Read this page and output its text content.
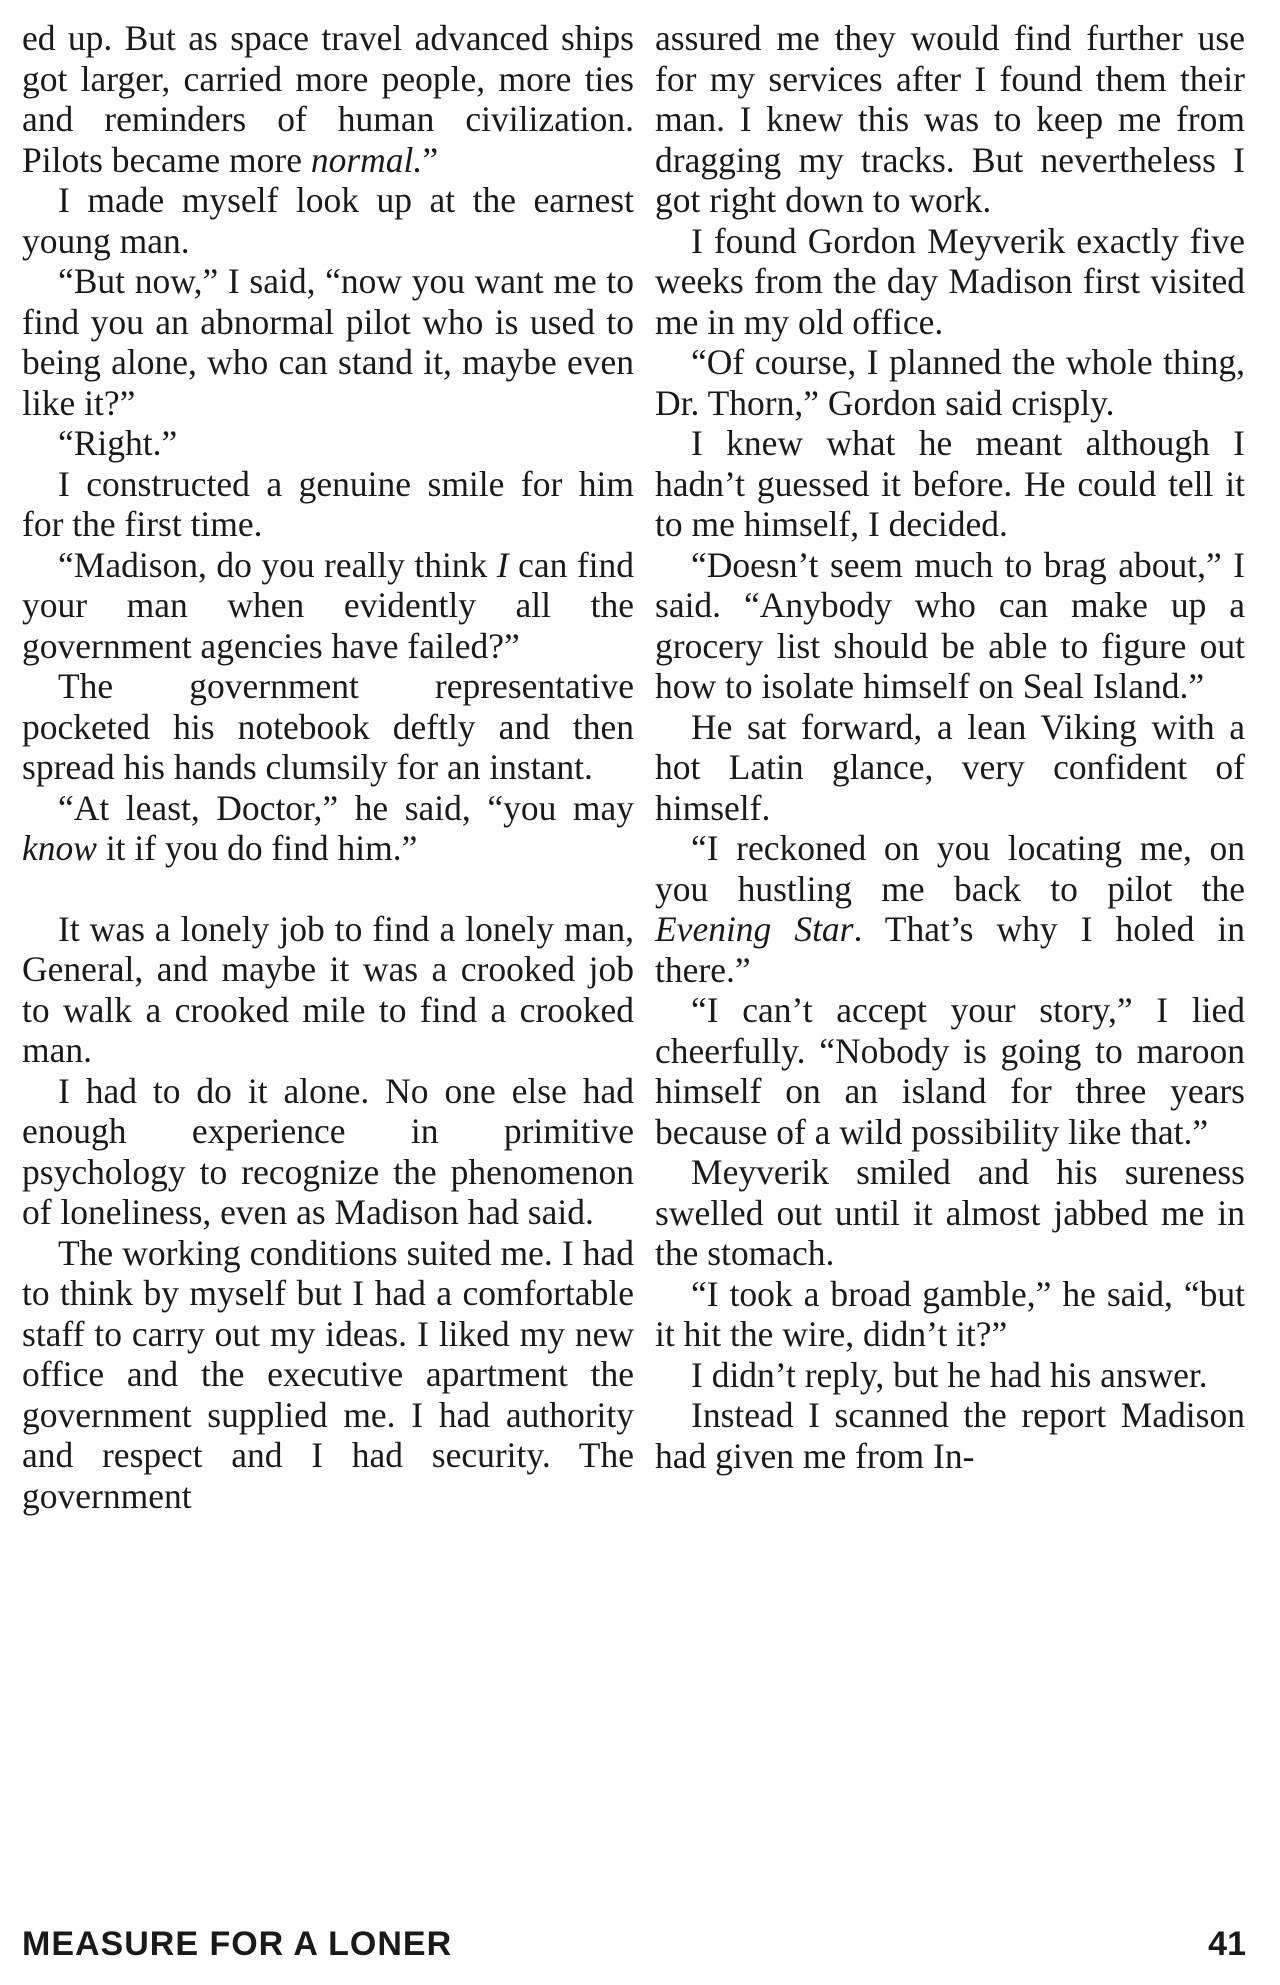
ed up. But as space travel advanced ships got larger, carried more people, more ties and reminders of human civilization. Pilots became more normal.”

I made myself look up at the earnest young man.

“But now,” I said, “now you want me to find you an abnormal pilot who is used to being alone, who can stand it, maybe even like it?”

“Right.”

I constructed a genuine smile for him for the first time.

“Madison, do you really think I can find your man when evidently all the government agencies have failed?”

The government representative pocketed his notebook deftly and then spread his hands clumsily for an instant.

“At least, Doctor,” he said, “you may know it if you do find him.”

It was a lonely job to find a lonely man, General, and maybe it was a crooked job to walk a crooked mile to find a crooked man.

I had to do it alone. No one else had enough experience in primitive psychology to recognize the phenomenon of loneliness, even as Madison had said.

The working conditions suited me. I had to think by myself but I had a comfortable staff to carry out my ideas. I liked my new office and the executive apartment the government supplied me. I had authority and respect and I had security. The government

assured me they would find further use for my services after I found them their man. I knew this was to keep me from dragging my tracks. But nevertheless I got right down to work.

I found Gordon Meyverik exactly five weeks from the day Madison first visited me in my old office.

“Of course, I planned the whole thing, Dr. Thorn,” Gordon said crisply.

I knew what he meant although I hadn’t guessed it before. He could tell it to me himself, I decided.

“Doesn’t seem much to brag about,” I said. “Anybody who can make up a grocery list should be able to figure out how to isolate himself on Seal Island.”

He sat forward, a lean Viking with a hot Latin glance, very confident of himself.

“I reckoned on you locating me, on you hustling me back to pilot the Evening Star. That’s why I holed in there.”

“I can’t accept your story,” I lied cheerfully. “Nobody is going to maroon himself on an island for three years because of a wild possibility like that.”

Meyverik smiled and his sureness swelled out until it almost jabbed me in the stomach.

“I took a broad gamble,” he said, “but it hit the wire, didn’t it?”

I didn’t reply, but he had his answer.

Instead I scanned the report Madison had given me from In-

MEASURE FOR A LONER	41
